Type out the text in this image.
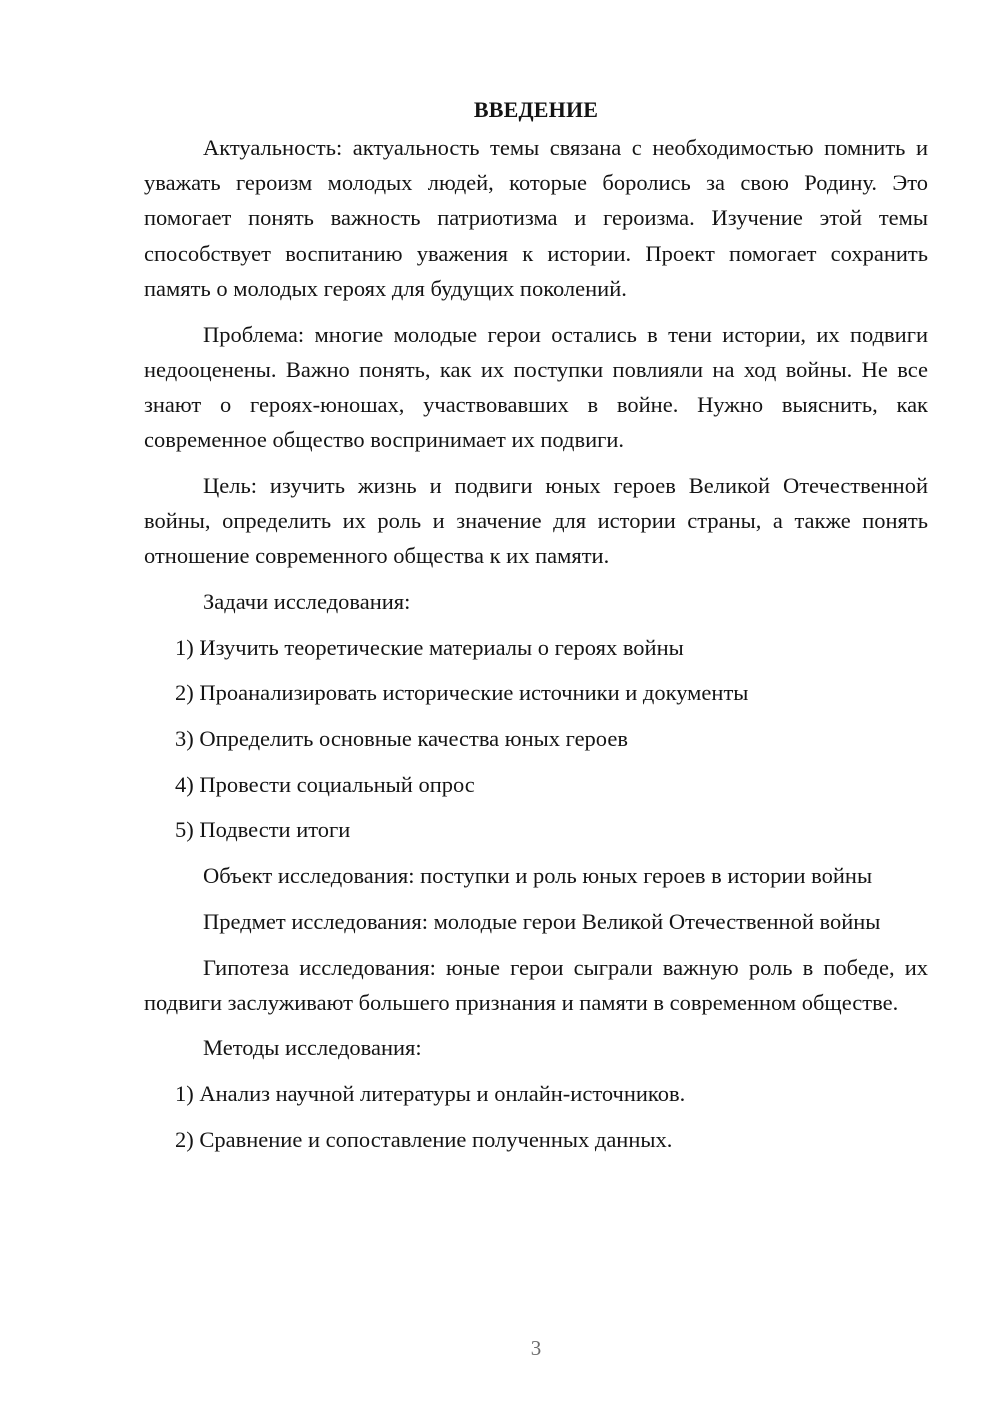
ВВЕДЕНИЕ

Актуальность: актуальность темы связана с необходимостью помнить и уважать героизм молодых людей, которые боролись за свою Родину. Это помогает понять важность патриотизма и героизма. Изучение этой темы способствует воспитанию уважения к истории. Проект помогает сохранить память о молодых героях для будущих поколений.

Проблема: многие молодые герои остались в тени истории, их подвиги недооценены. Важно понять, как их поступки повлияли на ход войны. Не все знают о героях-юношах, участвовавших в войне. Нужно выяснить, как современное общество воспринимает их подвиги.

Цель: изучить жизнь и подвиги юных героев Великой Отечественной войны, определить их роль и значение для истории страны, а также понять отношение современного общества к их памяти.

Задачи исследования:

1) Изучить теоретические материалы о героях войны

2) Проанализировать исторические источники и документы

3) Определить основные качества юных героев

4) Провести социальный опрос

5) Подвести итоги

Объект исследования: поступки и роль юных героев в истории войны

Предмет исследования: молодые герои Великой Отечественной войны

Гипотеза исследования: юные герои сыграли важную роль в победе, их подвиги заслуживают большего признания и памяти в современном обществе.

Методы исследования:

1) Анализ научной литературы и онлайн-источников.

2) Сравнение и сопоставление полученных данных.

3
